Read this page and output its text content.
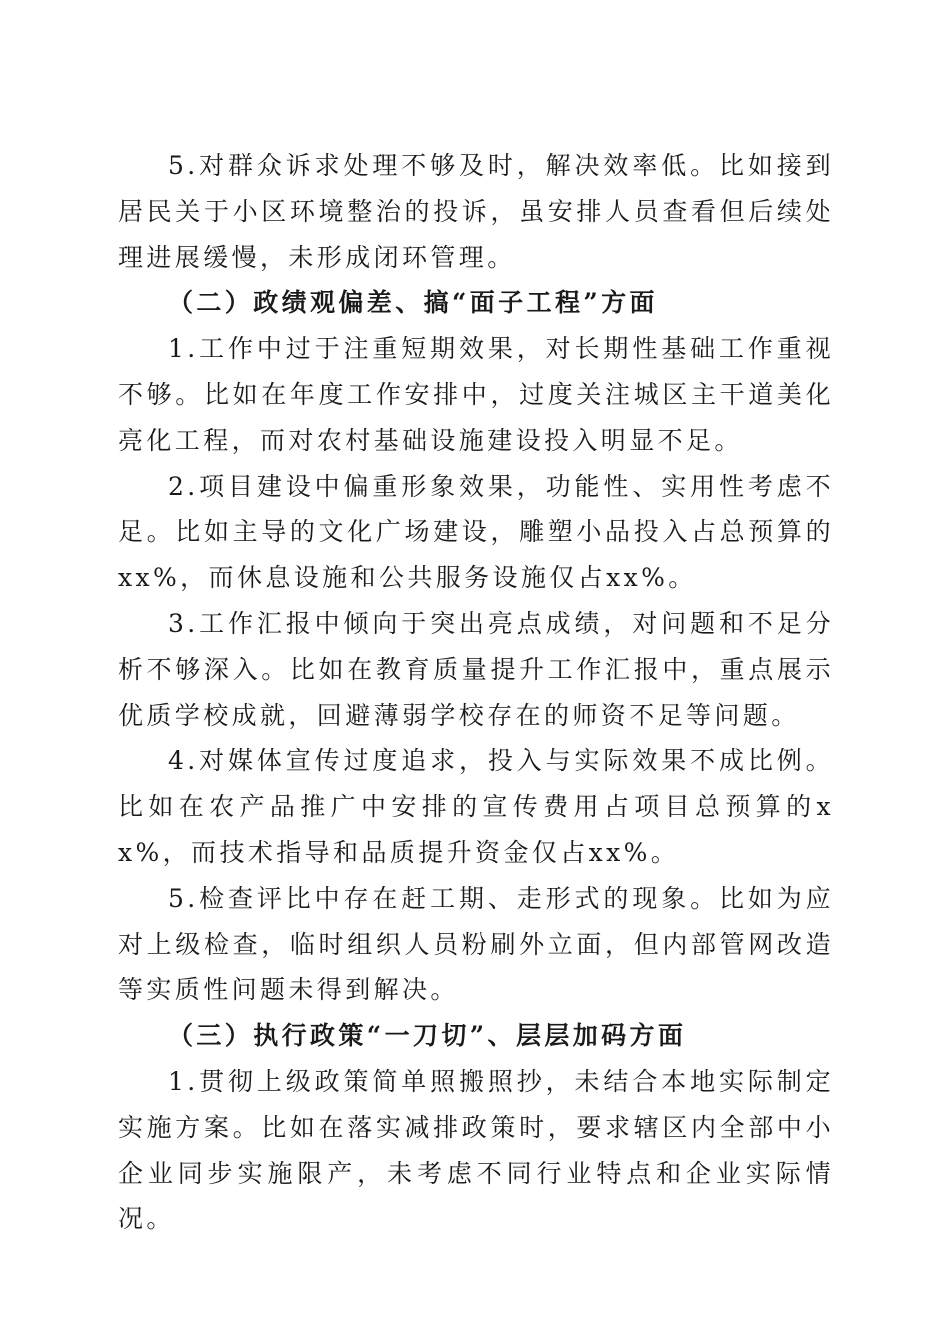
5.对群众诉求处理不够及时，解决效率低。比如接到居民关于小区环境整治的投诉，虽安排人员查看但后续处理进展缓慢，未形成闭环管理。

（二）政绩观偏差、搞“面子工程”方面

1.工作中过于注重短期效果，对长期性基础工作重视不够。比如在年度工作安排中，过度关注城区主干道美化亮化工程，而对农村基础设施建设投入明显不足。

2.项目建设中偏重形象效果，功能性、实用性考虑不足。比如主导的文化广场建设，雕塑小品投入占总预算的xx%，而休息设施和公共服务设施仅占xx%。

3.工作汇报中倾向于突出亮点成绩，对问题和不足分析不够深入。比如在教育质量提升工作汇报中，重点展示优质学校成就，回避薄弱学校存在的师资不足等问题。

4.对媒体宣传过度追求，投入与实际效果不成比例。比如在农产品推广中安排的宣传费用占项目总预算的xx%，而技术指导和品质提升资金仅占xx%。

5.检查评比中存在赶工期、走形式的现象。比如为应对上级检查，临时组织人员粉刷外立面，但内部管网改造等实质性问题未得到解决。

（三）执行政策“一刀切”、层层加码方面

1.贯彻上级政策简单照搬照抄，未结合本地实际制定实施方案。比如在落实减排政策时，要求辖区内全部中小企业同步实施限产，未考虑不同行业特点和企业实际情况。
